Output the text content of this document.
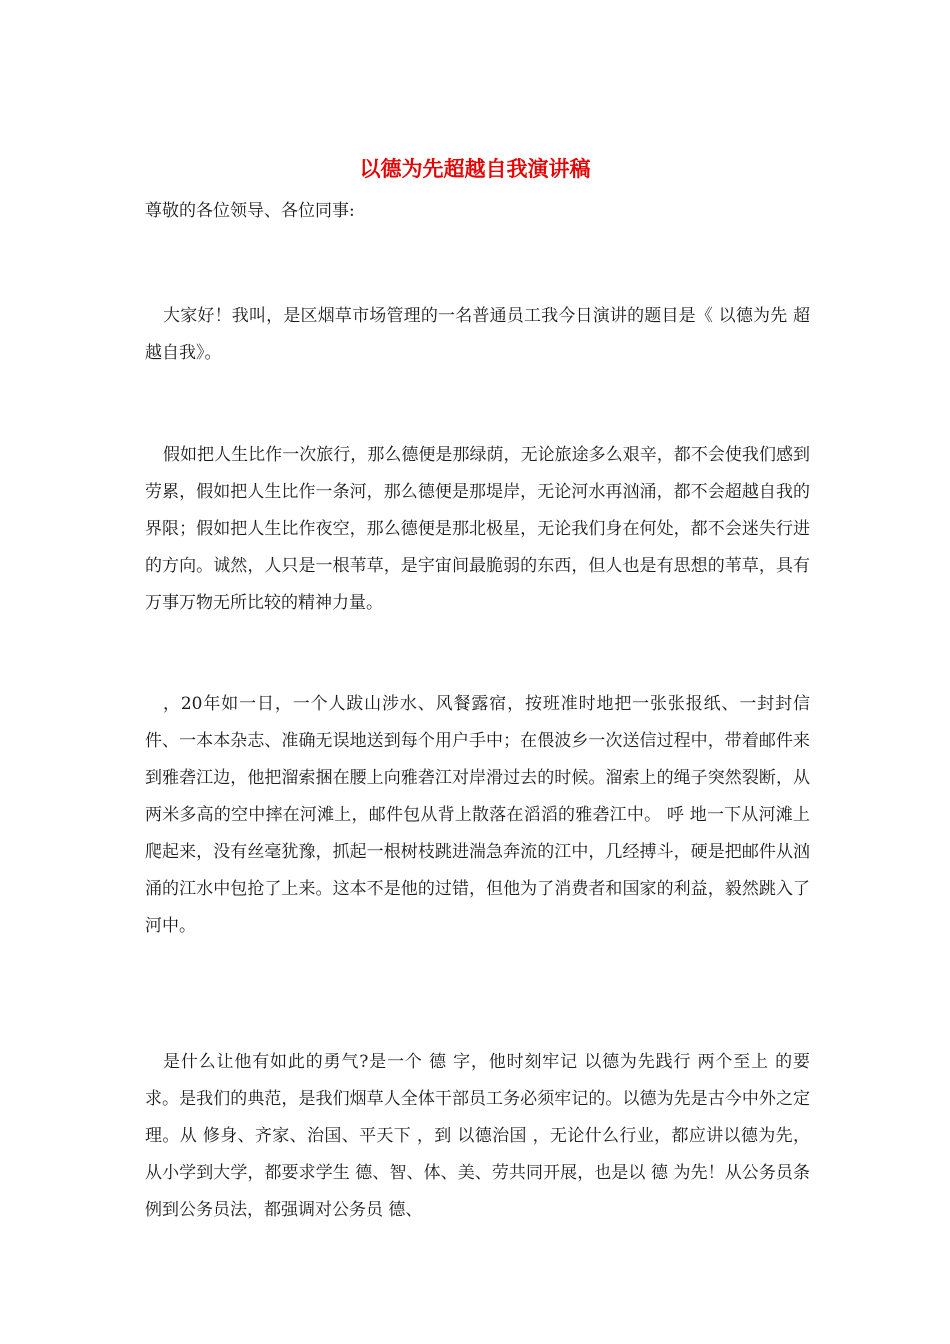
以德为先超越自我演讲稿

尊敬的各位领导、各位同事:

大家好！我叫，是区烟草市场管理的一名普通员工我今日演讲的题目是《 以德为先 超越自我》。

假如把人生比作一次旅行，那么德便是那绿荫，无论旅途多么艰辛，都不会使我们感到劳累，假如把人生比作一条河，那么德便是那堤岸，无论河水再汹涌，都不会超越自我的界限；假如把人生比作夜空，那么德便是那北极星，无论我们身在何处，都不会迷失行进的方向。诚然，人只是一根苇草，是宇宙间最脆弱的东西，但人也是有思想的苇草，具有万事万物无所比较的精神力量。

，20年如一日，一个人跋山涉水、风餐露宿，按班准时地把一张张报纸、一封封信件、一本本杂志、准确无误地送到每个用户手中；在偎波乡一次送信过程中，带着邮件来到雅砻江边，他把溜索捆在腰上向雅砻江对岸滑过去的时候。溜索上的绳子突然裂断，从两米多高的空中摔在河滩上，邮件包从背上散落在滔滔的雅砻江中。 呼 地一下从河滩上爬起来，没有丝毫犹豫，抓起一根树枝跳进湍急奔流的江中，几经搏斗，硬是把邮件从汹涌的江水中包抢了上来。这本不是他的过错，但他为了消费者和国家的利益，毅然跳入了河中。

是什么让他有如此的勇气?是一个 德 字，他时刻牢记 以德为先践行 两个至上 的要求。是我们的典范，是我们烟草人全体干部员工务必须牢记的。以德为先是古今中外之定理。从 修身、齐家、治国、平天下 ，到 以德治国 ，无论什么行业，都应讲以德为先，从小学到大学，都要求学生 德、智、体、美、劳共同开展，也是以 德 为先！从公务员条例到公务员法，都强调对公务员 德、
